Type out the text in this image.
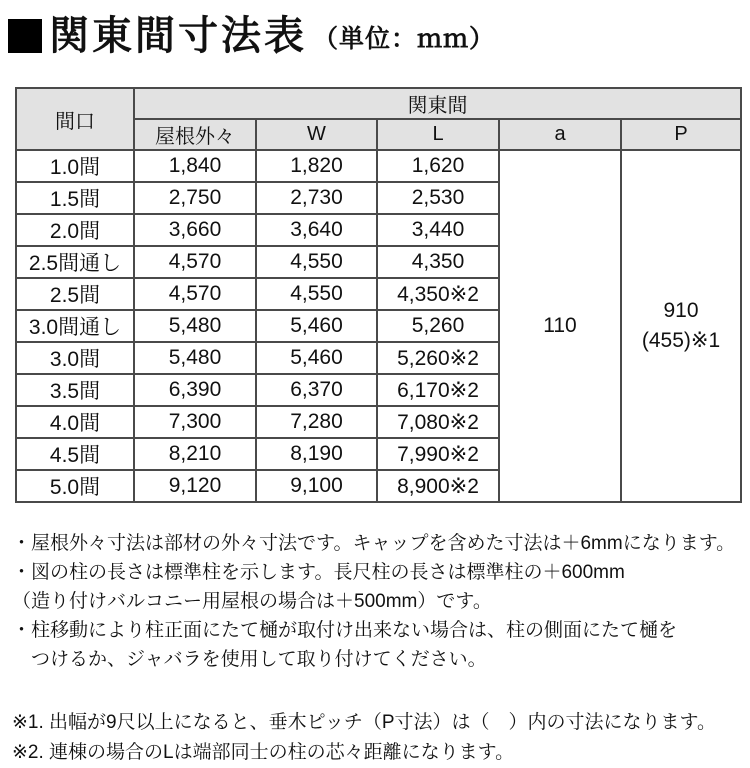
関東間寸法表 （単位：ｍｍ）
間口	関東間				
	屋根外々	W	L	a	P
1.0間	1,840	1,820	1,620	110	910
(455)※1

1.5間	2,750	2,730	2,530		
2.0間	3,660	3,640	3,440		
2.5間通し	4,570	4,550	4,350		
2.5間	4,570	4,550	4,350※2		
3.0間通し	5,480	5,460	5,260		
3.0間	5,480	5,460	5,260※2		
3.5間	6,390	6,370	6,170※2		
4.0間	7,300	7,280	7,080※2		
4.5間	8,210	8,190	7,990※2		
5.0間	9,120	9,100	8,900※2		
・屋根外々寸法は部材の外々寸法です。キャップを含めた寸法は＋6mmになります。
・図の柱の長さは標準柱を示します。長尺柱の長さは標準柱の＋600mm
（造り付けバルコニー用屋根の場合は＋500mm）です。
・柱移動により柱正面にたて樋が取付け出来ない場合は、柱の側面にたて樋を
　つけるか、ジャバラを使用して取り付けてください。
※1. 出幅が9尺以上になると、垂木ピッチ（P寸法）は（　）内の寸法になります。
※2. 連棟の場合のLは端部同士の柱の芯々距離になります。
